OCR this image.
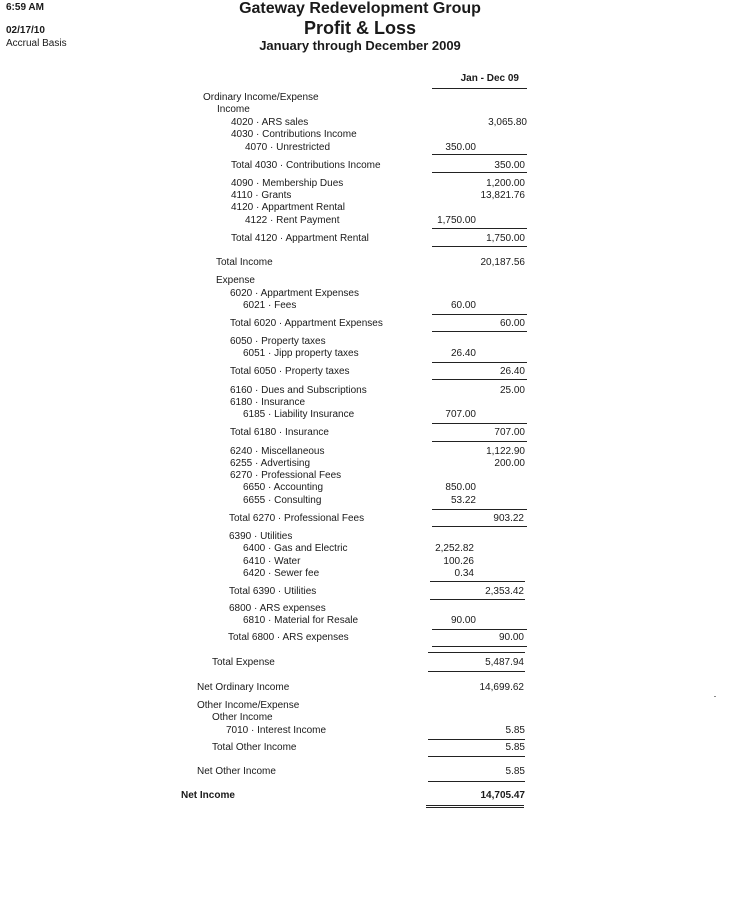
6:59 AM
02/17/10
Accrual Basis
Gateway Redevelopment Group
Profit & Loss
January through December 2009
Jan - Dec 09
Ordinary Income/Expense
Income
4020 · ARS sales	3,065.80
4030 · Contributions Income
4070 · Unrestricted	350.00
Total 4030 · Contributions Income	350.00
4090 · Membership Dues	1,200.00
4110 · Grants	13,821.76
4120 · Appartment Rental
4122 · Rent Payment	1,750.00
Total 4120 · Appartment Rental	1,750.00
Total Income	20,187.56
Expense
6020 · Appartment Expenses
6021 · Fees	60.00
Total 6020 · Appartment Expenses	60.00
6050 · Property taxes
6051 · Jipp property taxes	26.40
Total 6050 · Property taxes	26.40
6160 · Dues and Subscriptions	25.00
6180 · Insurance
6185 · Liability Insurance	707.00
Total 6180 · Insurance	707.00
6240 · Miscellaneous	1,122.90
6255 · Advertising	200.00
6270 · Professional Fees
6650 · Accounting	850.00
6655 · Consulting	53.22
Total 6270 · Professional Fees	903.22
6390 · Utilities
6400 · Gas and Electric	2,252.82
6410 · Water	100.26
6420 · Sewer fee	0.34
Total 6390 · Utilities	2,353.42
6800 · ARS expenses
6810 · Material for Resale	90.00
Total 6800 · ARS expenses	90.00
Total Expense	5,487.94
Net Ordinary Income	14,699.62
Other Income/Expense
Other Income
7010 · Interest Income	5.85
Total Other Income	5.85
Net Other Income	5.85
Net Income	14,705.47
